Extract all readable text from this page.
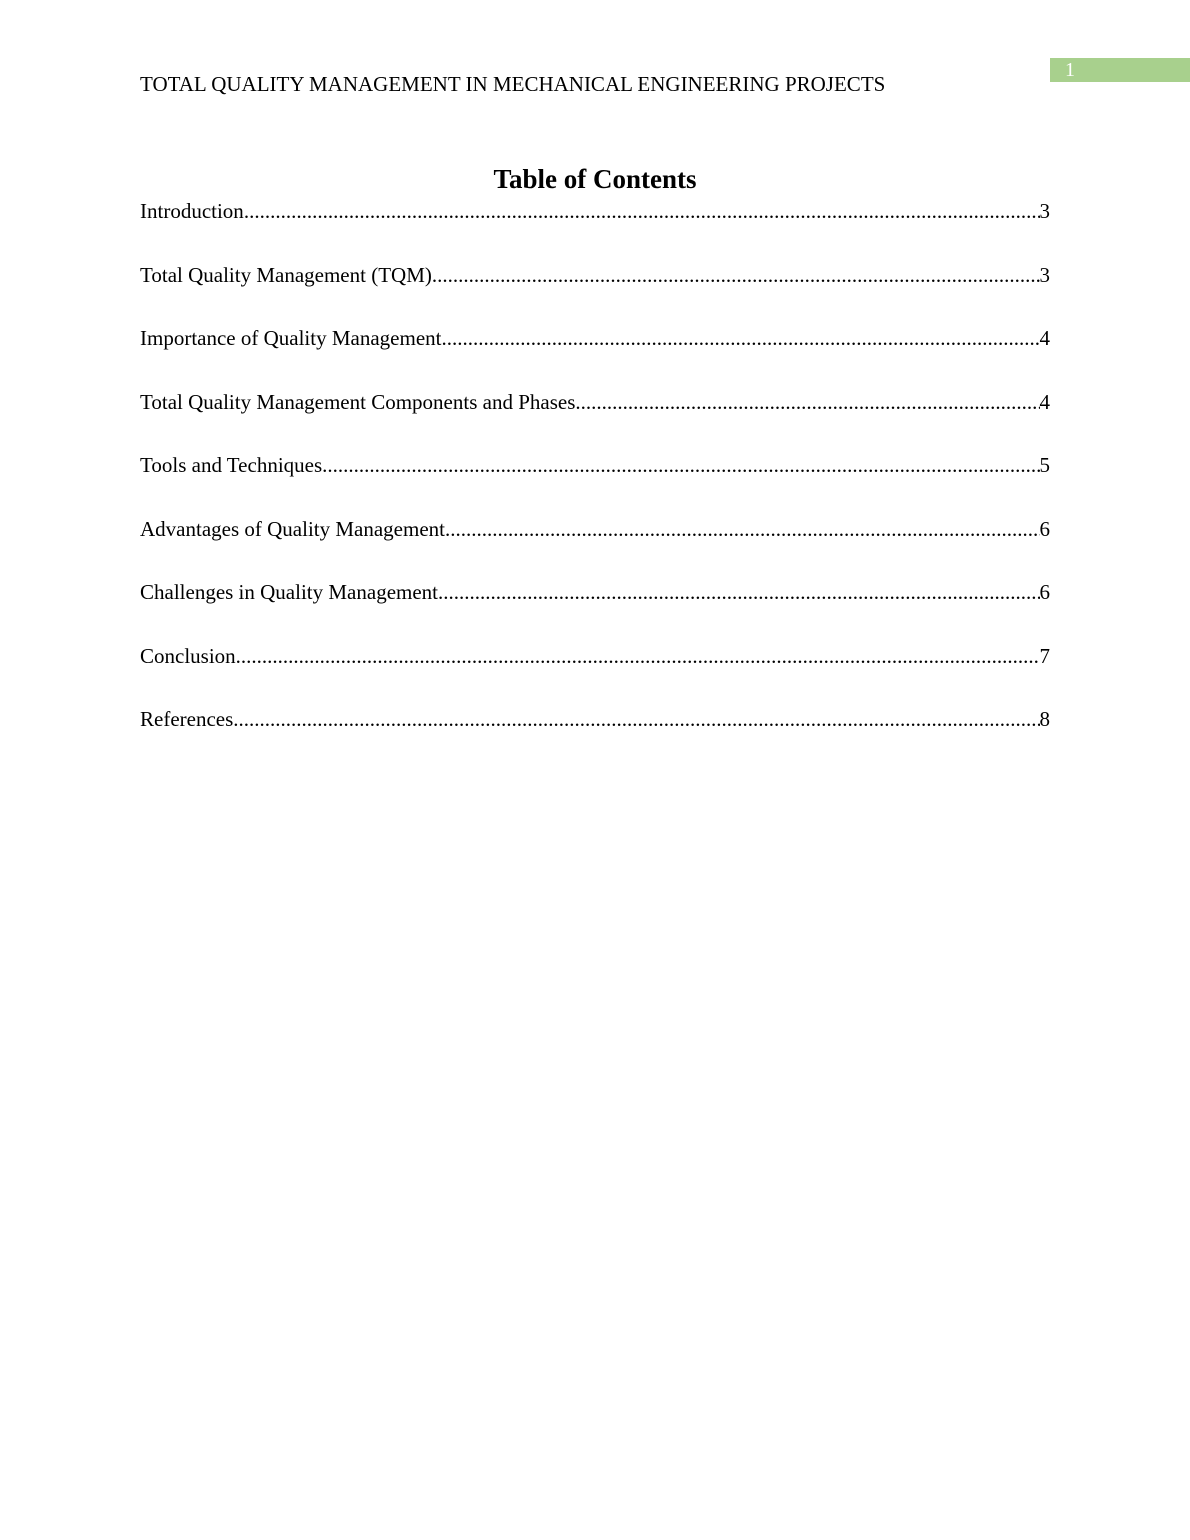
1
TOTAL QUALITY MANAGEMENT IN MECHANICAL ENGINEERING PROJECTS
Table of Contents
Introduction .....	3
Total Quality Management (TQM) .....	3
Importance of Quality Management .....	4
Total Quality Management Components and Phases .....	4
Tools and Techniques .....	5
Advantages of Quality Management .....	6
Challenges in Quality Management .....	6
Conclusion .....	7
References .....	8
